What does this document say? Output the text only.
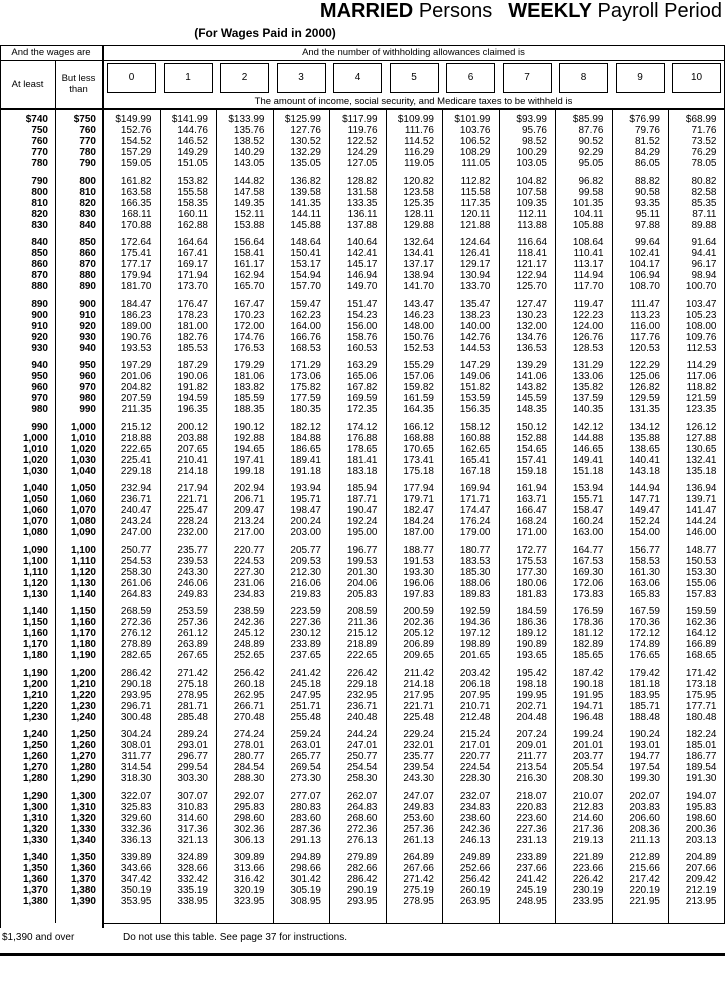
MARRIED Persons WEEKLY Payroll Period
(For Wages Paid in 2000)
And the wages are	And the number of withholding allowances claimed is
At least	But less than
0	1	2	3	4	5	6	7	8	9	10
The amount of income, social security, and Medicare taxes to be withheld is
$740	$750	$149.99	$141.99	$133.99	$125.99	$117.99	$109.99	$101.99	$93.99	$85.99	$76.99	$68.99
750	760	152.76	144.76	135.76	127.76	119.76	111.76	103.76	95.76	87.76	79.76	71.76
760	770	154.52	146.52	138.52	130.52	122.52	114.52	106.52	98.52	90.52	81.52	73.52
770	780	157.29	149.29	140.29	132.29	124.29	116.29	108.29	100.29	92.29	84.29	76.29
780	790	159.05	151.05	143.05	135.05	127.05	119.05	111.05	103.05	95.05	86.05	78.05
790	800	161.82	153.82	144.82	136.82	128.82	120.82	112.82	104.82	96.82	88.82	80.82
800	810	163.58	155.58	147.58	139.58	131.58	123.58	115.58	107.58	99.58	90.58	82.58
810	820	166.35	158.35	149.35	141.35	133.35	125.35	117.35	109.35	101.35	93.35	85.35
820	830	168.11	160.11	152.11	144.11	136.11	128.11	120.11	112.11	104.11	95.11	87.11
830	840	170.88	162.88	153.88	145.88	137.88	129.88	121.88	113.88	105.88	97.88	89.88
840	850	172.64	164.64	156.64	148.64	140.64	132.64	124.64	116.64	108.64	99.64	91.64
850	860	175.41	167.41	158.41	150.41	142.41	134.41	126.41	118.41	110.41	102.41	94.41
860	870	177.17	169.17	161.17	153.17	145.17	137.17	129.17	121.17	113.17	104.17	96.17
870	880	179.94	171.94	162.94	154.94	146.94	138.94	130.94	122.94	114.94	106.94	98.94
880	890	181.70	173.70	165.70	157.70	149.70	141.70	133.70	125.70	117.70	108.70	100.70
890	900	184.47	176.47	167.47	159.47	151.47	143.47	135.47	127.47	119.47	111.47	103.47
900	910	186.23	178.23	170.23	162.23	154.23	146.23	138.23	130.23	122.23	113.23	105.23
910	920	189.00	181.00	172.00	164.00	156.00	148.00	140.00	132.00	124.00	116.00	108.00
920	930	190.76	182.76	174.76	166.76	158.76	150.76	142.76	134.76	126.76	117.76	109.76
930	940	193.53	185.53	176.53	168.53	160.53	152.53	144.53	136.53	128.53	120.53	112.53
940	950	197.29	187.29	179.29	171.29	163.29	155.29	147.29	139.29	131.29	122.29	114.29
950	960	201.06	190.06	181.06	173.06	165.06	157.06	149.06	141.06	133.06	125.06	117.06
960	970	204.82	191.82	183.82	175.82	167.82	159.82	151.82	143.82	135.82	126.82	118.82
970	980	207.59	194.59	185.59	177.59	169.59	161.59	153.59	145.59	137.59	129.59	121.59
980	990	211.35	196.35	188.35	180.35	172.35	164.35	156.35	148.35	140.35	131.35	123.35
990	1,000	215.12	200.12	190.12	182.12	174.12	166.12	158.12	150.12	142.12	134.12	126.12
1,000	1,010	218.88	203.88	192.88	184.88	176.88	168.88	160.88	152.88	144.88	135.88	127.88
1,010	1,020	222.65	207.65	194.65	186.65	178.65	170.65	162.65	154.65	146.65	138.65	130.65
1,020	1,030	225.41	210.41	197.41	189.41	181.41	173.41	165.41	157.41	149.41	140.41	132.41
1,030	1,040	229.18	214.18	199.18	191.18	183.18	175.18	167.18	159.18	151.18	143.18	135.18
1,040	1,050	232.94	217.94	202.94	193.94	185.94	177.94	169.94	161.94	153.94	144.94	136.94
1,050	1,060	236.71	221.71	206.71	195.71	187.71	179.71	171.71	163.71	155.71	147.71	139.71
1,060	1,070	240.47	225.47	209.47	198.47	190.47	182.47	174.47	166.47	158.47	149.47	141.47
1,070	1,080	243.24	228.24	213.24	200.24	192.24	184.24	176.24	168.24	160.24	152.24	144.24
1,080	1,090	247.00	232.00	217.00	203.00	195.00	187.00	179.00	171.00	163.00	154.00	146.00
1,090	1,100	250.77	235.77	220.77	205.77	196.77	188.77	180.77	172.77	164.77	156.77	148.77
1,100	1,110	254.53	239.53	224.53	209.53	199.53	191.53	183.53	175.53	167.53	158.53	150.53
1,110	1,120	258.30	243.30	227.30	212.30	201.30	193.30	185.30	177.30	169.30	161.30	153.30
1,120	1,130	261.06	246.06	231.06	216.06	204.06	196.06	188.06	180.06	172.06	163.06	155.06
1,130	1,140	264.83	249.83	234.83	219.83	205.83	197.83	189.83	181.83	173.83	165.83	157.83
1,140	1,150	268.59	253.59	238.59	223.59	208.59	200.59	192.59	184.59	176.59	167.59	159.59
1,150	1,160	272.36	257.36	242.36	227.36	211.36	202.36	194.36	186.36	178.36	170.36	162.36
1,160	1,170	276.12	261.12	245.12	230.12	215.12	205.12	197.12	189.12	181.12	172.12	164.12
1,170	1,180	278.89	263.89	248.89	233.89	218.89	206.89	198.89	190.89	182.89	174.89	166.89
1,180	1,190	282.65	267.65	252.65	237.65	222.65	209.65	201.65	193.65	185.65	176.65	168.65
1,190	1,200	286.42	271.42	256.42	241.42	226.42	211.42	203.42	195.42	187.42	179.42	171.42
1,200	1,210	290.18	275.18	260.18	245.18	229.18	214.18	206.18	198.18	190.18	181.18	173.18
1,210	1,220	293.95	278.95	262.95	247.95	232.95	217.95	207.95	199.95	191.95	183.95	175.95
1,220	1,230	296.71	281.71	266.71	251.71	236.71	221.71	210.71	202.71	194.71	185.71	177.71
1,230	1,240	300.48	285.48	270.48	255.48	240.48	225.48	212.48	204.48	196.48	188.48	180.48
1,240	1,250	304.24	289.24	274.24	259.24	244.24	229.24	215.24	207.24	199.24	190.24	182.24
1,250	1,260	308.01	293.01	278.01	263.01	247.01	232.01	217.01	209.01	201.01	193.01	185.01
1,260	1,270	311.77	296.77	280.77	265.77	250.77	235.77	220.77	211.77	203.77	194.77	186.77
1,270	1,280	314.54	299.54	284.54	269.54	254.54	239.54	224.54	213.54	205.54	197.54	189.54
1,280	1,290	318.30	303.30	288.30	273.30	258.30	243.30	228.30	216.30	208.30	199.30	191.30
1,290	1,300	322.07	307.07	292.07	277.07	262.07	247.07	232.07	218.07	210.07	202.07	194.07
1,300	1,310	325.83	310.83	295.83	280.83	264.83	249.83	234.83	220.83	212.83	203.83	195.83
1,310	1,320	329.60	314.60	298.60	283.60	268.60	253.60	238.60	223.60	214.60	206.60	198.60
1,320	1,330	332.36	317.36	302.36	287.36	272.36	257.36	242.36	227.36	217.36	208.36	200.36
1,330	1,340	336.13	321.13	306.13	291.13	276.13	261.13	246.13	231.13	219.13	211.13	203.13
1,340	1,350	339.89	324.89	309.89	294.89	279.89	264.89	249.89	233.89	221.89	212.89	204.89
1,350	1,360	343.66	328.66	313.66	298.66	282.66	267.66	252.66	237.66	223.66	215.66	207.66
1,360	1,370	347.42	332.42	316.42	301.42	286.42	271.42	256.42	241.42	226.42	217.42	209.42
1,370	1,380	350.19	335.19	320.19	305.19	290.19	275.19	260.19	245.19	230.19	220.19	212.19
1,380	1,390	353.95	338.95	323.95	308.95	293.95	278.95	263.95	248.95	233.95	221.95	213.95
$1,390 and over	Do not use this table. See page 37 for instructions.
